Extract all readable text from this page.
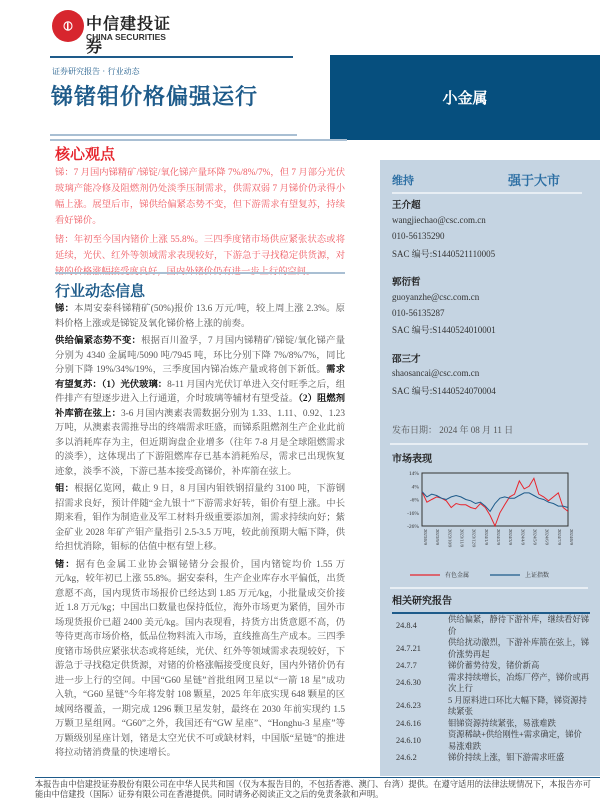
⦶ 中信建投证券
CHINA SECURITIES
证券研究报告 · 行业动态
锑锗钼价格偏强运行	小金属
核心观点

锑：7 月国内锑精矿/锑锭/氧化锑产量环降 7%/8%/7%，但 7 月部分光伏玻璃产能冷修及阻燃剂仍处淡季压制需求，供需双弱 7 月锑价仍录得小幅上涨。展望后市，锑供给偏紧态势不变，但下游需求有望复苏，持续看好锑价。

锗：年初至今国内锗价上涨 55.8%。三四季度锗市场供应紧张状态或将延续，光伏、红外等领域需求表现较好，下游急于寻找稳定供货源，对

行业动态信息

锑：本周安泰科锑精矿(50%)报价 13.6 万元/吨，较上周上涨 2.3%。原料价格上涨或是锑锭及氧化锑价格上涨的前奏。

供给偏紧态势不变：根据百川盈孚，7 月国内锑精矿/锑锭/氧化锑产量分别为 4340 金属吨/5090 吨/7945 吨，环比分别下降 7%/8%/7%，同比分别下降 19%/34%/19%，三季度国内锑冶炼产量或将创下新低。需求有望复苏：（1）光伏玻璃：8-11 月国内光伏订单进入交付旺季之后，组件排产有望逐步进入上行通道，介时玻璃等辅材有望受益。（2）阻燃剂补库箭在弦上：3-6 月国内澳素表需数据分别为 1.33、1.11、0.92、1.23 万吨，从澳素表需推导出的终端需求旺盛，而锑系阻燃剂生产企业此前多以消耗库存为主，但近期询盘企业增多（往年 7-8 月是全球阻燃需求的淡季），这体现出了下游阻燃库存已基本消耗殆尽，需求已出现恢复迹象，淡季不淡，下游已基本接受高锑价，补库箭在弦上。

钼：根据亿览网，截止 9 日，8 月国内钼铁钢招量约 3100 吨，下游钢招需求良好，预计伴随“金九银十”下游需求好转，钼价有望上涨。中长期来看，钼作为制造业及军工材料升级重要添加剂，需求持续向好；紫金矿业 2028 年矿产钼产量指引 2.5-3.5 万吨，较此前预期大幅下降，供给担忧消除，钼标的估值中枢有望上移。

锗：据有色金属工业协会锢铋锗分会报价，国内锗锭均价 1.55 万元/kg，较年初已上涨 55.8%。据安泰科，生产企业库存水平偏低，出货意愿不高，国内现货市场报价已经达到 1.85 万元/kg，小批量成交价接近 1.8 万元/kg；中国出口数量也保持低位，海外市场更为紧俏，国外市场现货报价已超 2400 美元/kg。国内表现看，持货方出货意愿不高，仍等待更高市场价格，低品位物料流入市场，直线推高生产成本。三四季度锗市场供应紧张状态或将延续，光伏、红外等领域需求表现较好，下游急于寻找稳定供货源，对锗的价格涨幅接受度良好，国内外锗价仍有进一步上行的空间。中国“G60 星链”首批组网卫星以“一箭 18 星”成功入轨，“G60 星链”今年将发射 108 颗星，2025 年年底实现 648 颗星的区域网络覆盖，一期完成 1296 颗卫星发射，最终在 2030 年前实现约 1.5 万颗卫星组网。“G60”之外，我国还有“GW 星座”、“Honghu-3 星座”等万颗级别星座计划，锗是太空光伏不可或缺材料，中国版“星链”的推进将拉动锗消费量的快速增长。

维持	强于大市
王介超
wangjiechao@csc.com.cn
010-56135290
SAC 编号:S1440521110005
郭衍哲
guoyanzhe@csc.com.cn
010-56135287
SAC 编号:S1440524010001
邵三才
shaosancai@csc.com.cn
SAC 编号:S1440524070004
发布日期： 2024 年 08 月 11 日
市场表现
14%
4%
-6%
-16%
-26%
2023/8/9 2023/9/9 2023/10/9 2023/11/9 2023/12/9 2024/1/9 2024/2/9 2024/3/9 2024/4/9 2024/5/9 2024/6/9 2024/7/9 2024/8/9
有色金属	上证指数
相关研究报告
24.8.4	供给偏紧，静待下游补库，继续看好锑价
24.7.21	供给扰动激烈，下游补库箭在弦上，锑价涨势再起
24.7.7	锑价蓄势待发，锗价新高
24.6.30	需求持续增长，冶炼厂停产，锑价或再次上行
24.6.23	5 月原料进口环比大幅下降，锑资源持续紧张
24.6.16	钼锑资源持续紧张，易涨难跌
24.6.10	资源稀缺+供给刚性+需求确定，锑价易涨难跌
24.6.2	锑价持续上涨，钼下游需求旺盛
本报告由中信建投证券股份有限公司在中华人民共和国（仅为本报告目的，不包括香港、澳门、台湾）提供。在遵守适用的法律法规情况下，本报告亦可能由中信建投（国际）证券有限公司在香港提供。同时请务必阅读正文之后的免责条款和声明。
